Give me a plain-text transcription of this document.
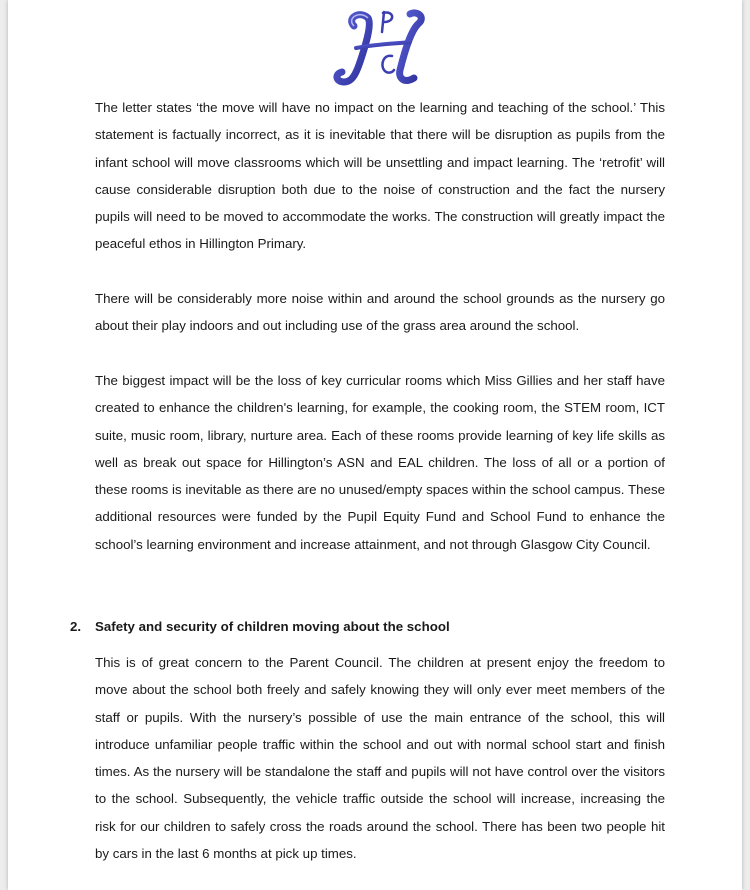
The letter states ‘the move will have no impact on the learning and teaching of the school.’ This statement is factually incorrect, as it is inevitable that there will be disruption as pupils from the infant school will move classrooms which will be unsettling and impact learning. The ‘retrofit’ will cause considerable disruption both due to the noise of construction and the fact the nursery pupils will need to be moved to accommodate the works. The construction will greatly impact the peaceful ethos in Hillington Primary.

There will be considerably more noise within and around the school grounds as the nursery go about their play indoors and out including use of the grass area around the school.

The biggest impact will be the loss of key curricular rooms which Miss Gillies and her staff have created to enhance the children's learning, for example, the cooking room, the STEM room, ICT suite, music room, library, nurture area. Each of these rooms provide learning of key life skills as well as break out space for Hillington’s ASN and EAL children. The loss of all or a portion of these rooms is inevitable as there are no unused/empty spaces within the school campus. These additional resources were funded by the Pupil Equity Fund and School Fund to enhance the school’s learning environment and increase attainment, and not through Glasgow City Council.

2. Safety and security of children moving about the school

This is of great concern to the Parent Council. The children at present enjoy the freedom to move about the school both freely and safely knowing they will only ever meet members of the staff or pupils. With the nursery’s possible of use the main entrance of the school, this will introduce unfamiliar people traffic within the school and out with normal school start and finish times. As the nursery will be standalone the staff and pupils will not have control over the visitors to the school. Subsequently, the vehicle traffic outside the school will increase, increasing the risk for our children to safely cross the roads around the school. There has been two people hit by cars in the last 6 months at pick up times.
